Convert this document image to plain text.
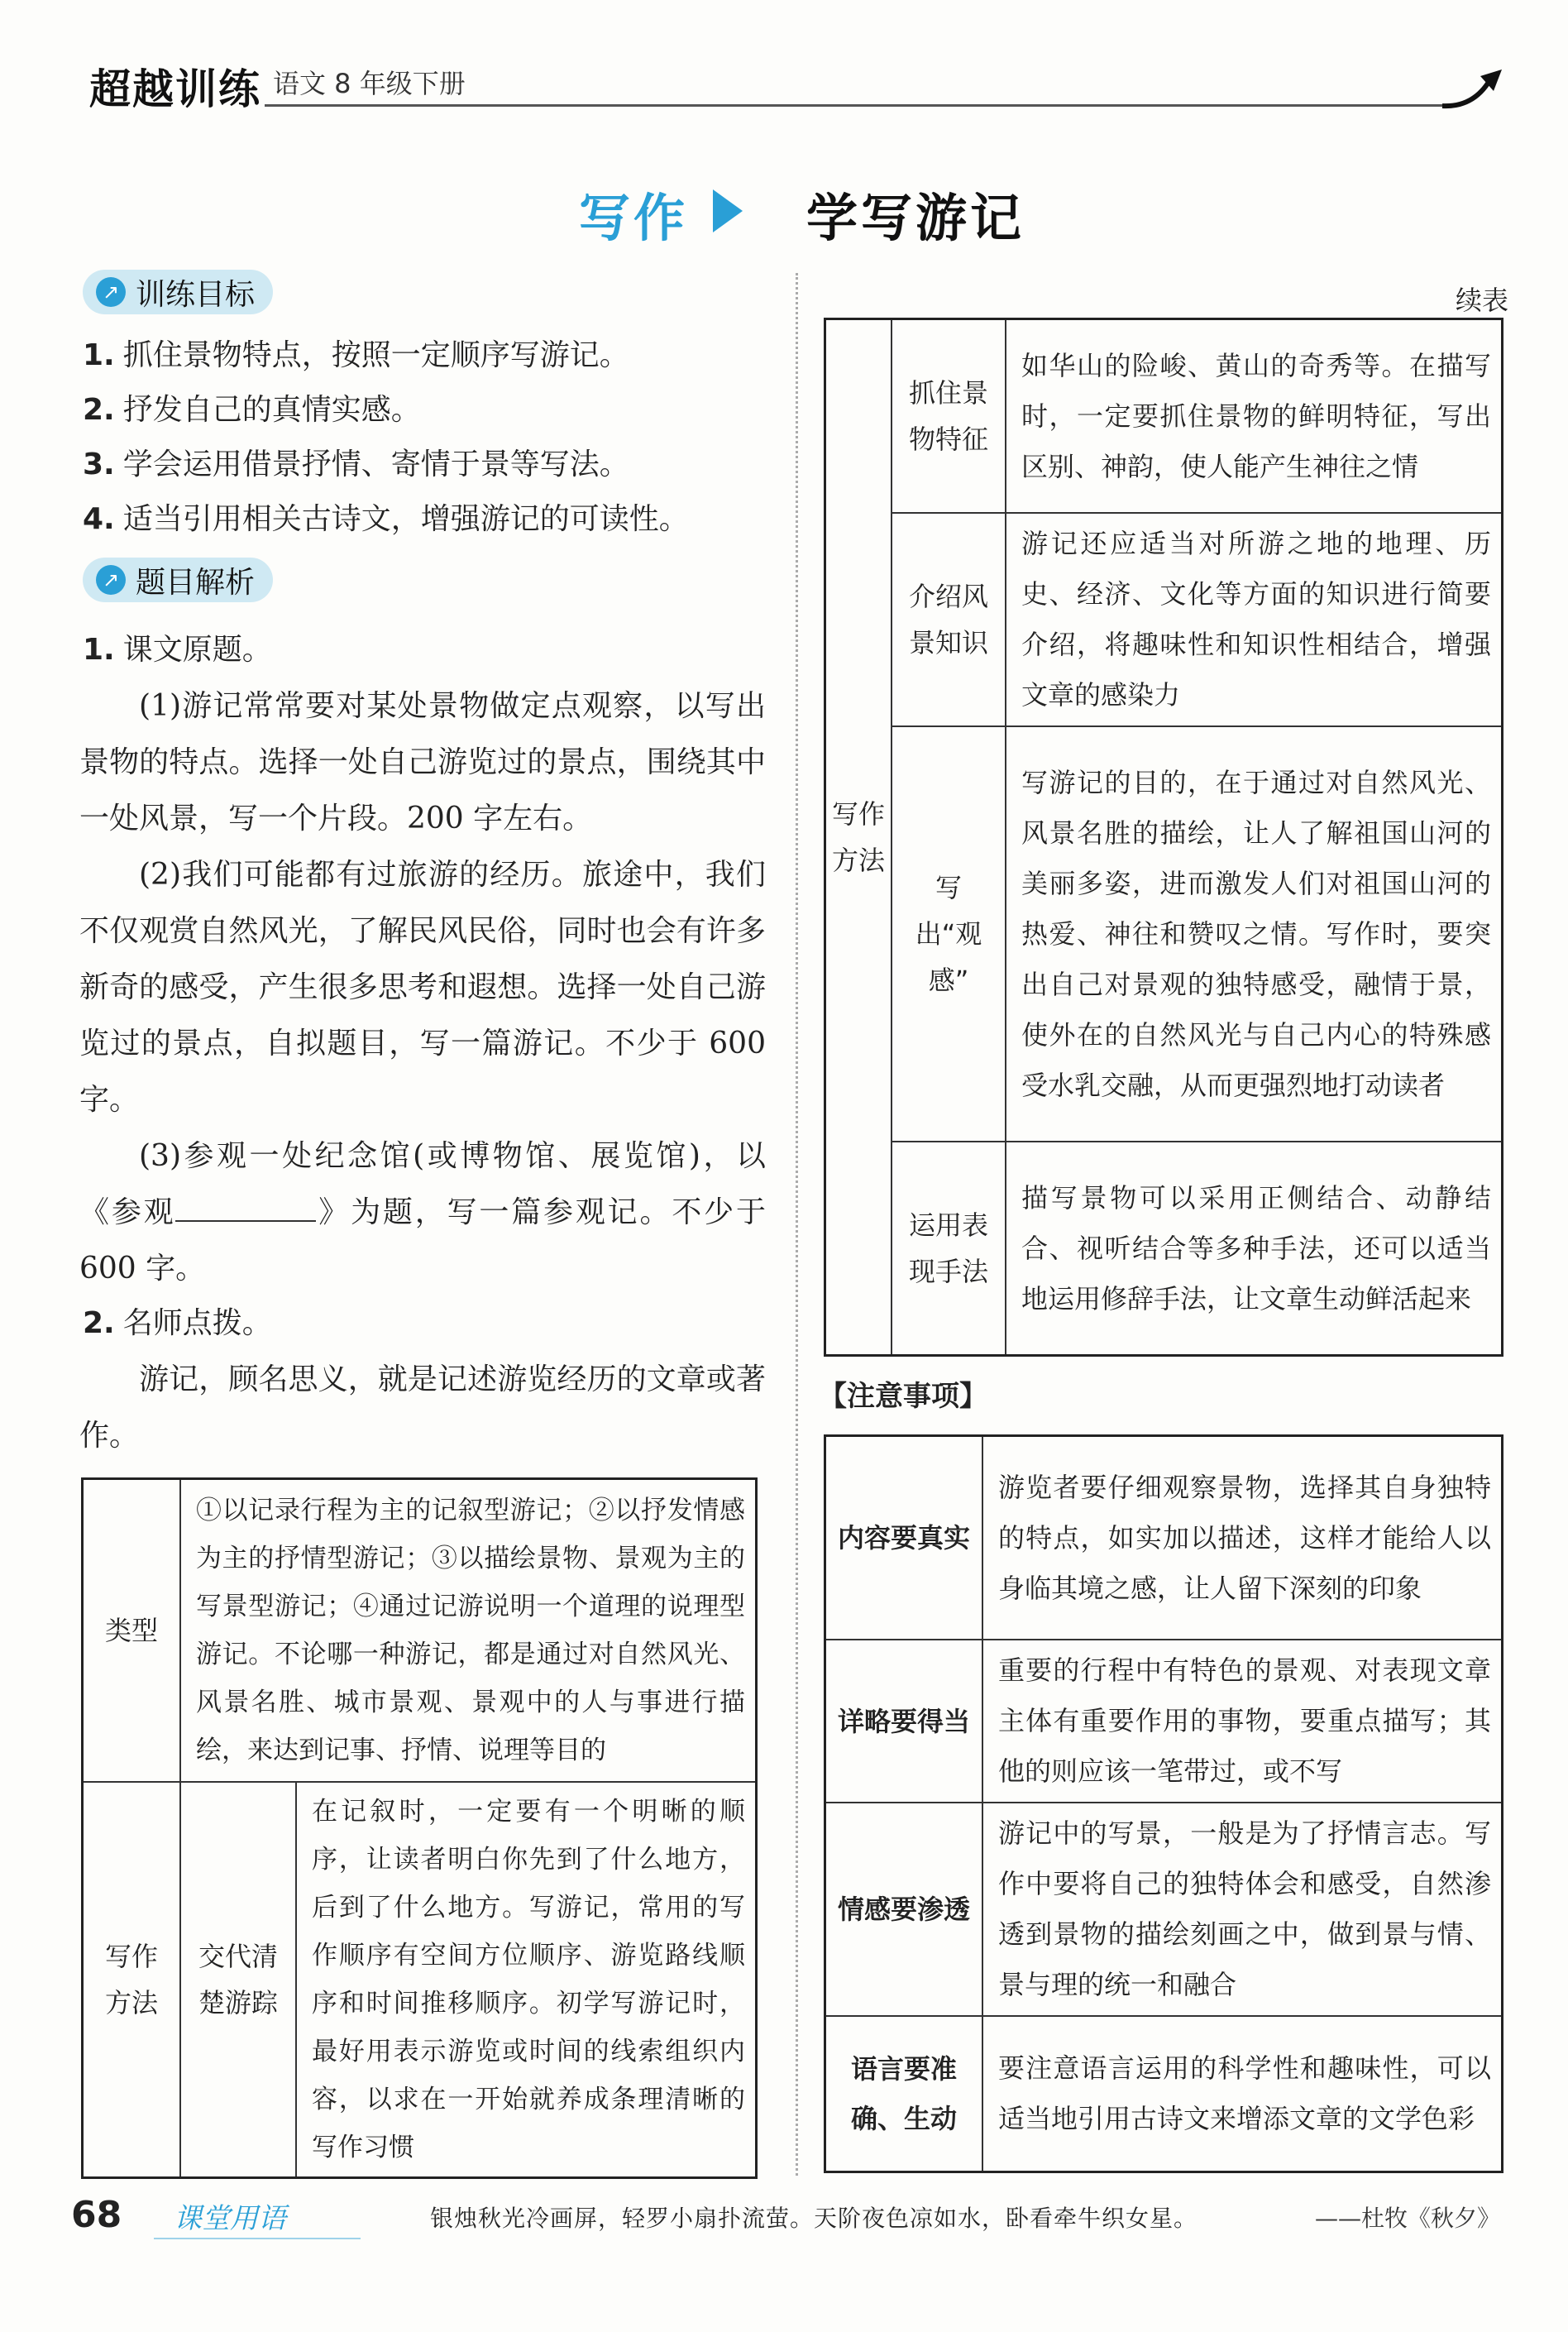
超越训练 语文 8 年级下册
写作 学写游记
↗ 训练目标
1. 抓住景物特点，按照一定顺序写游记。
2. 抒发自己的真情实感。
3. 学会运用借景抒情、寄情于景等写法。
4. 适当引用相关古诗文，增强游记的可读性。
↗ 题目解析
1. 课文原题。
(1)游记常常要对某处景物做定点观察，以写出景物的特点。选择一处自己游览过的景点，围绕其中一处风景，写一个片段。200 字左右。
(2)我们可能都有过旅游的经历。旅途中，我们不仅观赏自然风光，了解民风民俗，同时也会有许多新奇的感受，产生很多思考和遐想。选择一处自己游览过的景点，自拟题目，写一篇游记。不少于 600 字。
(3)参观一处纪念馆(或博物馆、展览馆)，以《参观	》为题，写一篇参观记。不少于 600 字。
2. 名师点拨。
游记，顾名思义，就是记述游览经历的文章或著作。
类型	①以记录行程为主的记叙型游记；②以抒发情感为主的抒情型游记；③以描绘景物、景观为主的写景型游记；④通过记游说明一个道理的说理型游记。不论哪一种游记，都是通过对自然风光、风景名胜、城市景观、景观中的人与事进行描绘，来达到记事、抒情、说理等目的	
写作方法	交代清楚游踪	在记叙时，一定要有一个明晰的顺序，让读者明白你先到了什么地方，后到了什么地方。写游记，常用的写作顺序有空间方位顺序、游览路线顺序和时间推移顺序。初学写游记时，最好用表示游览或时间的线索组织内容，以求在一开始就养成条理清晰的写作习惯
续表
写作方法	抓住景物特征	如华山的险峻、黄山的奇秀等。在描写时，一定要抓住景物的鲜明特征，写出区别、神韵，使人能产生神往之情
	介绍风景知识	游记还应适当对所游之地的地理、历史、经济、文化等方面的知识进行简要介绍，将趣味性和知识性相结合，增强文章的感染力
	写出“观感”	写游记的目的，在于通过对自然风光、风景名胜的描绘，让人了解祖国山河的美丽多姿，进而激发人们对祖国山河的热爱、神往和赞叹之情。写作时，要突出自己对景观的独特感受，融情于景，使外在的自然风光与自己内心的特殊感受水乳交融，从而更强烈地打动读者
	运用表现手法	描写景物可以采用正侧结合、动静结合、视听结合等多种手法，还可以适当地运用修辞手法，让文章生动鲜活起来
【注意事项】
内容要真实	游览者要仔细观察景物，选择其自身独特的特点，如实加以描述，这样才能给人以身临其境之感，让人留下深刻的印象
详略要得当	重要的行程中有特色的景观、对表现文章主体有重要作用的事物，要重点描写；其他的则应该一笔带过，或不写
情感要渗透	游记中的写景，一般是为了抒情言志。写作中要将自己的独特体会和感受，自然渗透到景物的描绘刻画之中，做到景与情、景与理的统一和融合
语言要准确、生动	要注意语言运用的科学性和趣味性，可以适当地引用古诗文来增添文章的文学色彩
68 课堂用语	银烛秋光冷画屏，轻罗小扇扑流萤。天阶夜色凉如水，卧看牵牛织女星。	——杜牧《秋夕》
